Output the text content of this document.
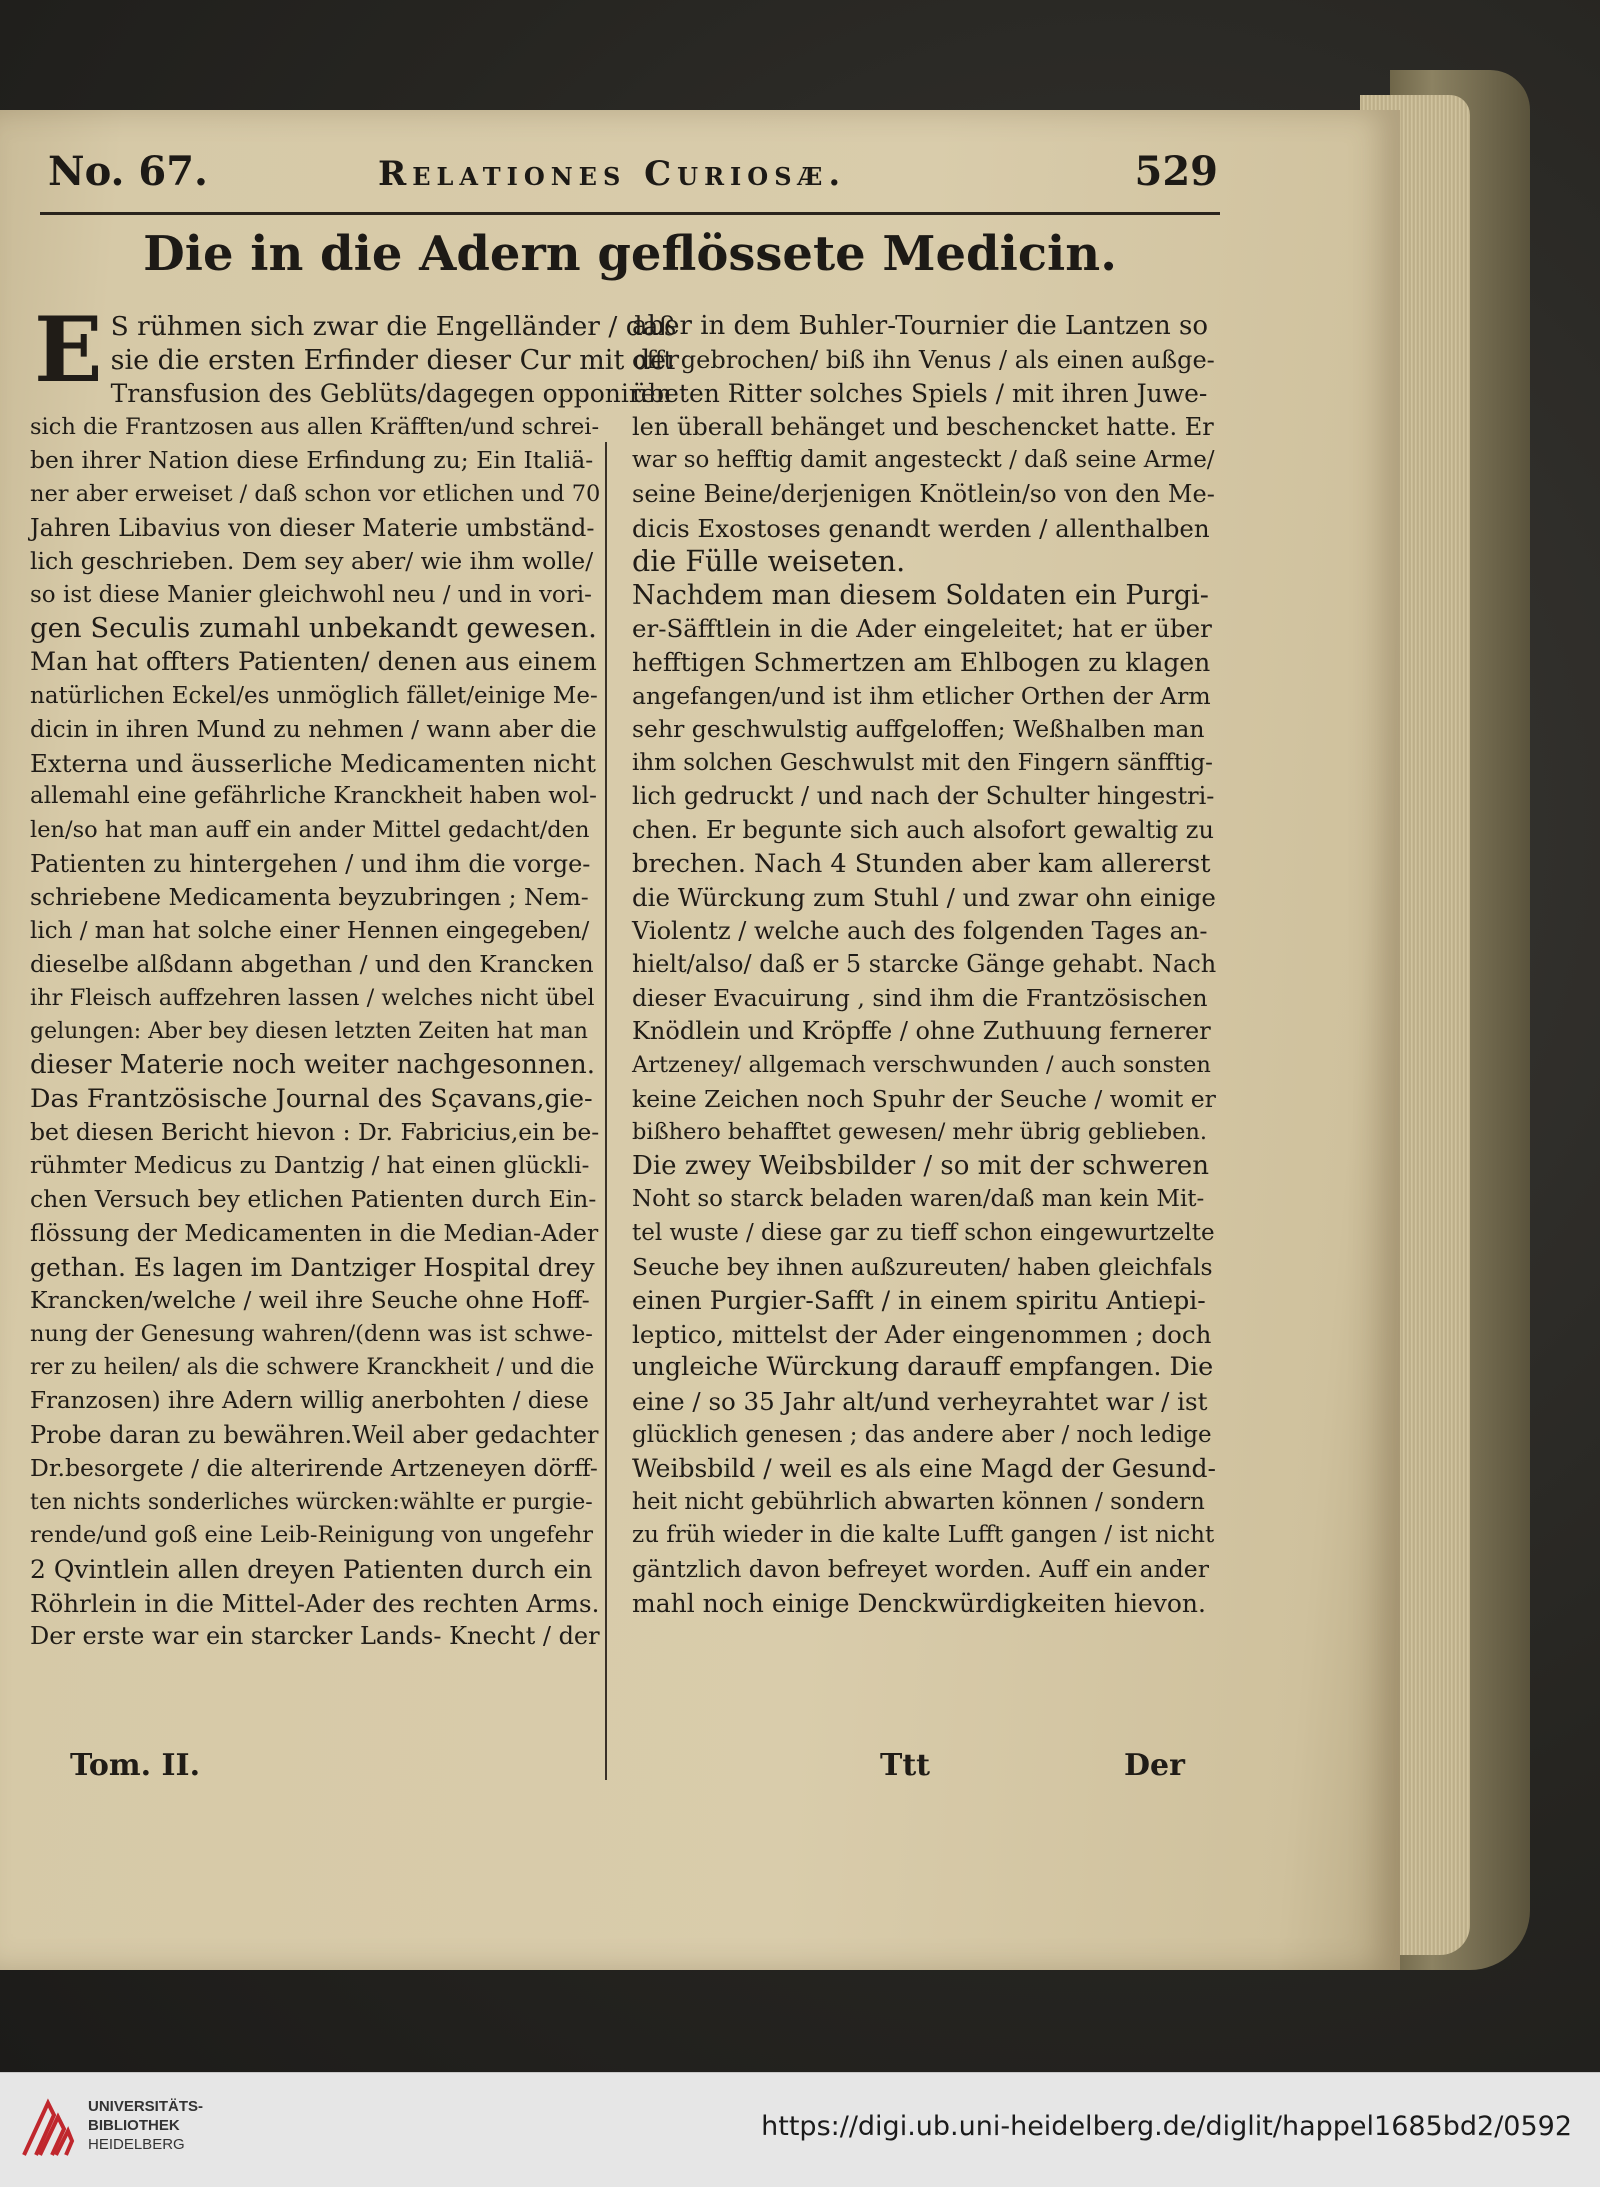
No. 67.	Relationes Curiosæ.	529
Die in die Adern geflössete Medicin.
E S rühmen sich zwar die Engelländer / daß
sie die ersten Erfinder dieser Cur mit der
Transfusion des Geblüts/dagegen opponiren
sich die Frantzosen aus allen Kräfften/und schrei-
ben ihrer Nation diese Erfindung zu; Ein Italiä-
ner aber erweiset / daß schon vor etlichen und 70
Jahren Libavius von dieser Materie umbständ-
lich geschrieben. Dem sey aber/ wie ihm wolle/
so ist diese Manier gleichwohl neu / und in vori-
gen Seculis zumahl unbekandt gewesen.
Man hat offters Patienten/ denen aus einem
natürlichen Eckel/es unmöglich fället/einige Me-
dicin in ihren Mund zu nehmen / wann aber die
Externa und äusserliche Medicamenten nicht
allemahl eine gefährliche Kranckheit haben wol-
len/so hat man auff ein ander Mittel gedacht/den
Patienten zu hintergehen / und ihm die vorge-
schriebene Medicamenta beyzubringen ; Nem-
lich / man hat solche einer Hennen eingegeben/
dieselbe alßdann abgethan / und den Krancken
ihr Fleisch auffzehren lassen / welches nicht übel
gelungen: Aber bey diesen letzten Zeiten hat man
dieser Materie noch weiter nachgesonnen.
Das Frantzösische Journal des Sçavans,gie-
bet diesen Bericht hievon : Dr. Fabricius,ein be-
rühmter Medicus zu Dantzig / hat einen glückli-
chen Versuch bey etlichen Patienten durch Ein-
flössung der Medicamenten in die Median-Ader
gethan. Es lagen im Dantziger Hospital drey
Krancken/welche / weil ihre Seuche ohne Hoff-
nung der Genesung wahren/(denn was ist schwe-
rer zu heilen/ als die schwere Kranckheit / und die
Franzosen) ihre Adern willig anerbohten / diese
Probe daran zu bewähren.Weil aber gedachter
Dr.besorgete / die alterirende Artzeneyen dörff-
ten nichts sonderliches würcken:wählte er purgie-
rende/und goß eine Leib-Reinigung von ungefehr
2 Qvintlein allen dreyen Patienten durch ein
Röhrlein in die Mittel-Ader des rechten Arms.
Der erste war ein starcker Lands- Knecht / der
aber in dem Buhler-Tournier die Lantzen so
offt gebrochen/ biß ihn Venus / als einen außge-
übeten Ritter solches Spiels / mit ihren Juwe-
len überall behänget und beschencket hatte. Er
war so hefftig damit angesteckt / daß seine Arme/
seine Beine/derjenigen Knötlein/so von den Me-
dicis Exostoses genandt werden / allenthalben
die Fülle weiseten.
Nachdem man diesem Soldaten ein Purgi-
er-Säfftlein in die Ader eingeleitet; hat er über
hefftigen Schmertzen am Ehlbogen zu klagen
angefangen/und ist ihm etlicher Orthen der Arm
sehr geschwulstig auffgeloffen; Weßhalben man
ihm solchen Geschwulst mit den Fingern sänfftig-
lich gedruckt / und nach der Schulter hingestri-
chen. Er begunte sich auch alsofort gewaltig zu
brechen. Nach 4 Stunden aber kam allererst
die Würckung zum Stuhl / und zwar ohn einige
Violentz / welche auch des folgenden Tages an-
hielt/also/ daß er 5 starcke Gänge gehabt. Nach
dieser Evacuirung , sind ihm die Frantzösischen
Knödlein und Kröpffe / ohne Zuthuung fernerer
Artzeney/ allgemach verschwunden / auch sonsten
keine Zeichen noch Spuhr der Seuche / womit er
bißhero behafftet gewesen/ mehr übrig geblieben.
Die zwey Weibsbilder / so mit der schweren
Noht so starck beladen waren/daß man kein Mit-
tel wuste / diese gar zu tieff schon eingewurtzelte
Seuche bey ihnen außzureuten/ haben gleichfals
einen Purgier-Safft / in einem spiritu Antiepi-
leptico, mittelst der Ader eingenommen ; doch
ungleiche Würckung darauff empfangen. Die
eine / so 35 Jahr alt/und verheyrahtet war / ist
glücklich genesen ; das andere aber / noch ledige
Weibsbild / weil es als eine Magd der Gesund-
heit nicht gebührlich abwarten können / sondern
zu früh wieder in die kalte Lufft gangen / ist nicht
gäntzlich davon befreyet worden. Auff ein ander
mahl noch einige Denckwürdigkeiten hievon.
Tom. II.	Ttt	Der
UNIVERSITÄTS-
BIBLIOTHEK
HEIDELBERG
https://digi.ub.uni-heidelberg.de/diglit/happel1685bd2/0592
